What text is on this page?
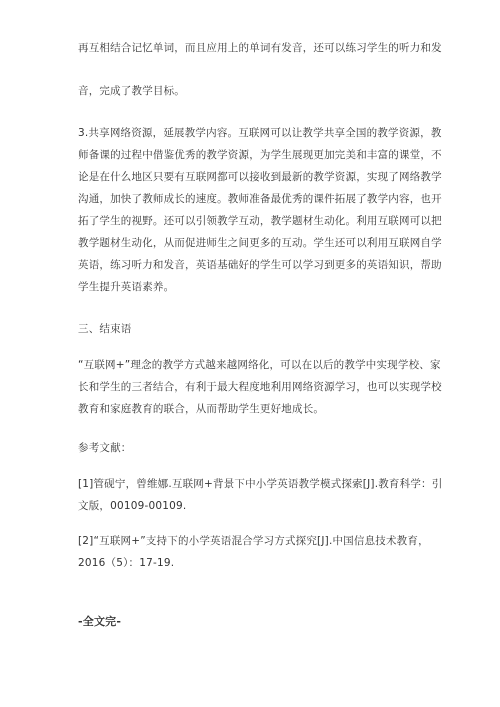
再互相结合记忆单词，而且应用上的单词有发音，还可以练习学生的听力和发
音，完成了教学目标。
3.共享网络资源，延展教学内容。互联网可以让教学共享全国的教学资源，教
师备课的过程中借鉴优秀的教学资源，为学生展现更加完美和丰富的课堂，不
论是在什么地区只要有互联网都可以接收到最新的教学资源，实现了网络教学
沟通，加快了教师成长的速度。教师准备最优秀的课件拓展了教学内容，也开
拓了学生的视野。还可以引领教学互动，教学题材生动化。利用互联网可以把
教学题材生动化，从而促进师生之间更多的互动。学生还可以利用互联网自学
英语，练习听力和发音，英语基础好的学生可以学习到更多的英语知识，帮助
学生提升英语素养。
三、结束语
“互联网+”理念的教学方式越来越网络化，可以在以后的教学中实现学校、家
长和学生的三者结合，有利于最大程度地利用网络资源学习，也可以实现学校
教育和家庭教育的联合，从而帮助学生更好地成长。
参考文献：
[1]管砚宁，曾维娜.互联网+背景下中小学英语教学模式探索[J].教育科学：引
文版，00109-00109.
[2]“互联网+”支持下的小学英语混合学习方式探究[J].中国信息技术教育，
2016（5）：17-19.
-全文完-
